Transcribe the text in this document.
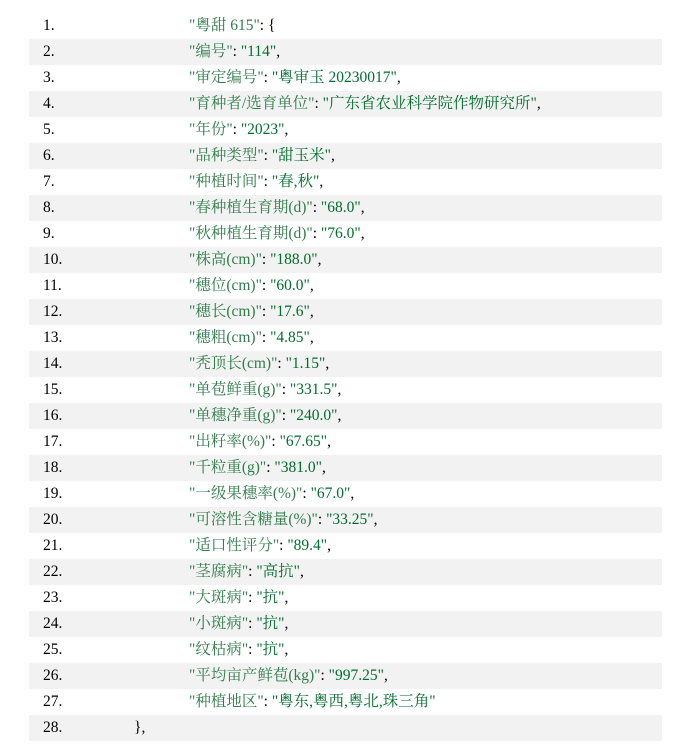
1.	"粤甜 615": {
2.	"编号": "114",
3.	"审定编号": "粤审玉 20230017",
4.	"育种者/选育单位": "广东省农业科学院作物研究所",
5.	"年份": "2023",
6.	"品种类型": "甜玉米",
7.	"种植时间": "春,秋",
8.	"春种植生育期(d)": "68.0",
9.	"秋种植生育期(d)": "76.0",
10.	"株高(cm)": "188.0",
11.	"穗位(cm)": "60.0",
12.	"穗长(cm)": "17.6",
13.	"穗粗(cm)": "4.85",
14.	"秃顶长(cm)": "1.15",
15.	"单苞鲜重(g)": "331.5",
16.	"单穗净重(g)": "240.0",
17.	"出籽率(%)": "67.65",
18.	"千粒重(g)": "381.0",
19.	"一级果穗率(%)": "67.0",
20.	"可溶性含糖量(%)": "33.25",
21.	"适口性评分": "89.4",
22.	"茎腐病": "高抗",
23.	"大斑病": "抗",
24.	"小斑病": "抗",
25.	"纹枯病": "抗",
26.	"平均亩产鲜苞(kg)": "997.25",
27.	"种植地区": "粤东,粤西,粤北,珠三角"
28.	},
